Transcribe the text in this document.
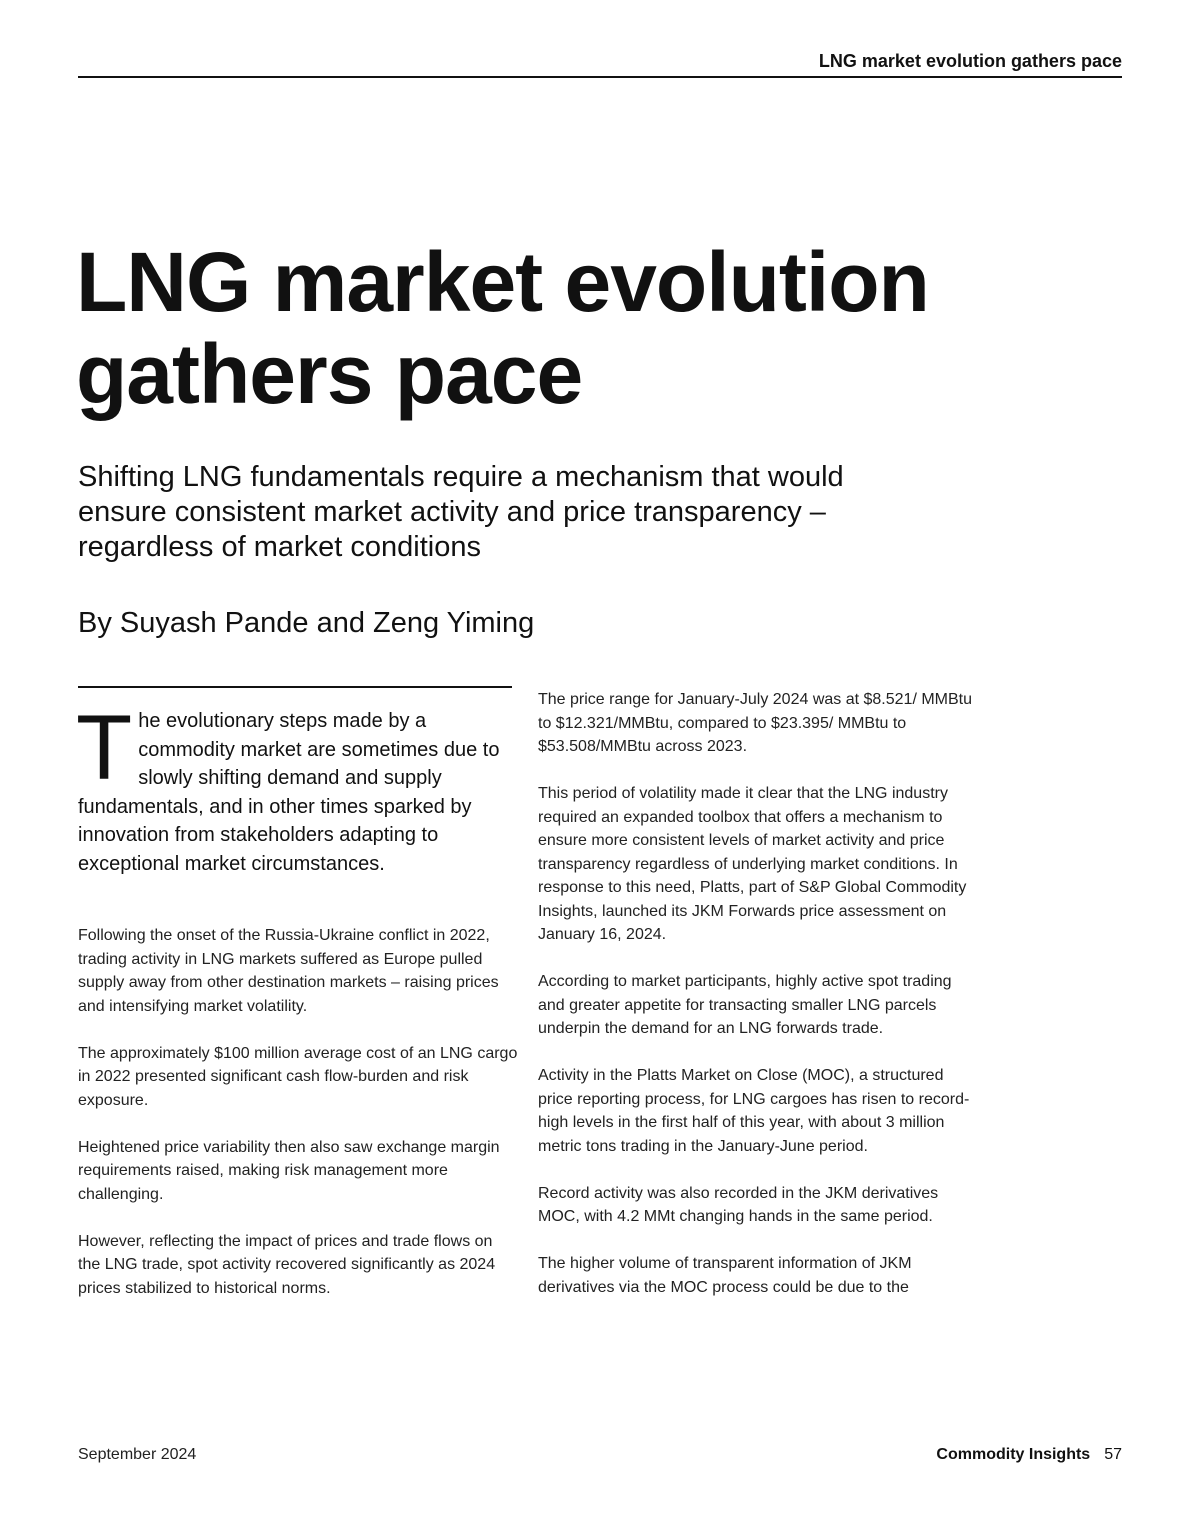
LNG market evolution gathers pace
LNG market evolution gathers pace
Shifting LNG fundamentals require a mechanism that would ensure consistent market activity and price transparency – regardless of market conditions

By Suyash Pande and Zeng Yiming

The evolutionary steps made by a commodity market are sometimes due to slowly shifting demand and supply fundamentals, and in other times sparked by innovation from stakeholders adapting to exceptional market circumstances.

Following the onset of the Russia-Ukraine conflict in 2022, trading activity in LNG markets suffered as Europe pulled supply away from other destination markets – raising prices and intensifying market volatility.

The approximately $100 million average cost of an LNG cargo in 2022 presented significant cash flow-burden and risk exposure.

Heightened price variability then also saw exchange margin requirements raised, making risk management more challenging.

However, reflecting the impact of prices and trade flows on the LNG trade, spot activity recovered significantly as 2024 prices stabilized to historical norms.

The price range for January-July 2024 was at $8.521/ MMBtu to $12.321/MMBtu, compared to $23.395/ MMBtu to $53.508/MMBtu across 2023.

This period of volatility made it clear that the LNG industry required an expanded toolbox that offers a mechanism to ensure more consistent levels of market activity and price transparency regardless of underlying market conditions. In response to this need, Platts, part of S&P Global Commodity Insights, launched its JKM Forwards price assessment on January 16, 2024.

According to market participants, highly active spot trading and greater appetite for transacting smaller LNG parcels underpin the demand for an LNG forwards trade.

Activity in the Platts Market on Close (MOC), a structured price reporting process, for LNG cargoes has risen to record-high levels in the first half of this year, with about 3 million metric tons trading in the January-June period.

Record activity was also recorded in the JKM derivatives MOC, with 4.2 MMt changing hands in the same period.

The higher volume of transparent information of JKM derivatives via the MOC process could be due to the

September 2024	Commodity Insights 57
